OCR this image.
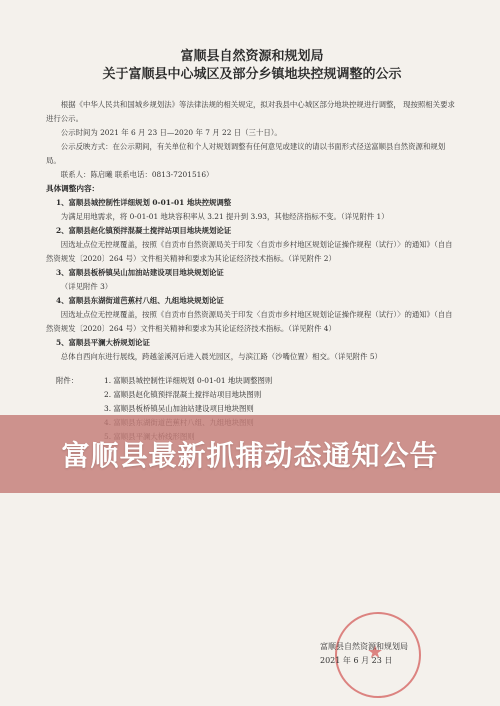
富顺县自然资源和规划局

关于富顺县中心城区及部分乡镇地块控规调整的公示

根据《中华人民共和国城乡规划法》等法律法规的相关规定，拟对我县中心城区部分地块控规进行调整， 现按照相关要求进行公示。

公示时间为 2021 年 6 月 23 日—2020 年 7 月 22 日（三十日）。

公示反映方式：在公示期间，有关单位和个人对规划调整有任何意见或建议的请以书面形式径送富顺县自然资源和规划局。

联系人：陈启曦 联系电话：0813-7201516）

具体调整内容：

1、富顺县城控制性详细规划 0-01-01 地块控规调整

为满足用地需求，将 0-01-01 地块容积率从 3.21 提升到 3.93，其他经济指标不变。（详见附件 1）

2、富顺县赵化镇预拌混凝土搅拌站项目地块规划论证

因选址点位无控规覆盖，按照《自贡市自然资源局关于印发〈自贡市乡村地区规划论证操作规程（试行）〉的通知》（自自然资规发〔2020〕264 号）文件相关精神和要求为其论证经济技术指标。（详见附件 2）

3、富顺县板桥镇吴山加油站建设项目地块规划论证

（详见附件 3）

4、富顺县东湖街道芭蕉村八组、九组地块规划论证

因选址点位无控规覆盖，按照《自贡市自然资源局关于印发〈自贡市乡村地区规划论证操作规程（试行）〉的通知》（自自然资规发〔2020〕264 号）文件相关精神和要求为其论证经济技术指标。（详见附件 4）

5、富顺县平澜大桥规划论证

总体自西向东进行展线，跨越釜溪河后进入晨光园区，与滨江路（沙嘴位置）相交。（详见附件 5）

附件：	1. 富顺县城控制性详细规划 0-01-01 地块调整图则
2. 富顺县赵化镇预拌混凝土搅拌站项目地块图则
3. 富顺县板桥镇吴山加油站建设项目地块图则
★
富顺县自然资源和规划局
2021 年 6 月 23 日
富顺县最新抓捕动态通知公告
